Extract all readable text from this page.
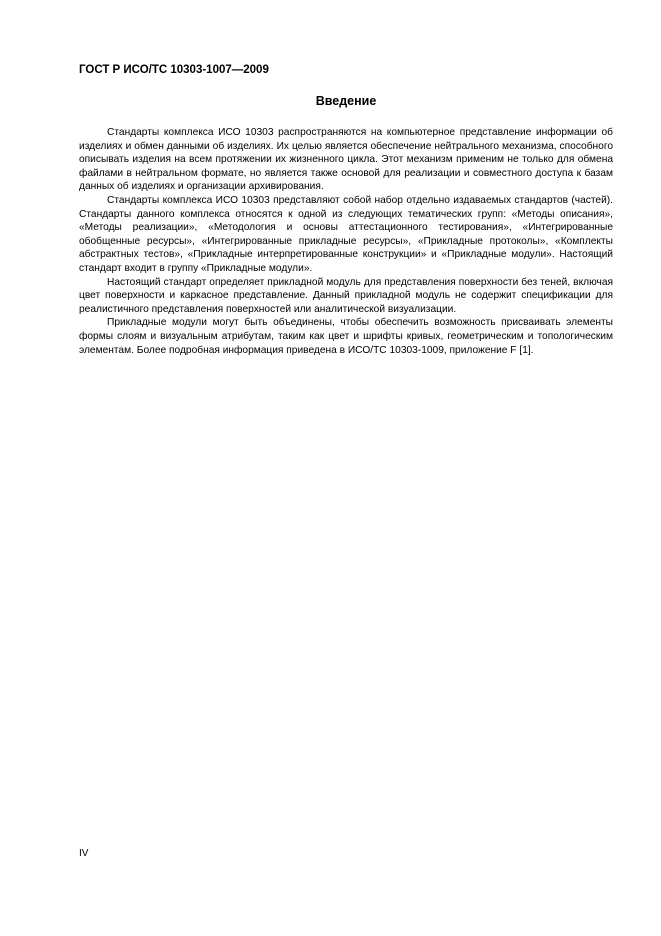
ГОСТ Р ИСО/ТС 10303-1007—2009
Введение

Стандарты комплекса ИСО 10303 распространяются на компьютерное представление информации об изделиях и обмен данными об изделиях. Их целью является обеспечение нейтрального механизма, способного описывать изделия на всем протяжении их жизненного цикла. Этот механизм применим не только для обмена файлами в нейтральном формате, но является также основой для реализации и совместного доступа к базам данных об изделиях и организации архивирования.

Стандарты комплекса ИСО 10303 представляют собой набор отдельно издаваемых стандартов (частей). Стандарты данного комплекса относятся к одной из следующих тематических групп: «Методы описания», «Методы реализации», «Методология и основы аттестационного тестирования», «Интегрированные обобщенные ресурсы», «Интегрированные прикладные ресурсы», «Прикладные протоколы», «Комплекты абстрактных тестов», «Прикладные интерпретированные конструкции» и «Прикладные модули». Настоящий стандарт входит в группу «Прикладные модули».

Настоящий стандарт определяет прикладной модуль для представления поверхности без теней, включая цвет поверхности и каркасное представление. Данный прикладной модуль не содержит спецификации для реалистичного представления поверхностей или аналитической визуализации.

Прикладные модули могут быть объединены, чтобы обеспечить возможность присваивать элементы формы слоям и визуальным атрибутам, таким как цвет и шрифты кривых, геометрическим и топологическим элементам. Более подробная информация приведена в ИСО/ТС 10303-1009, приложение F [1].

IV
